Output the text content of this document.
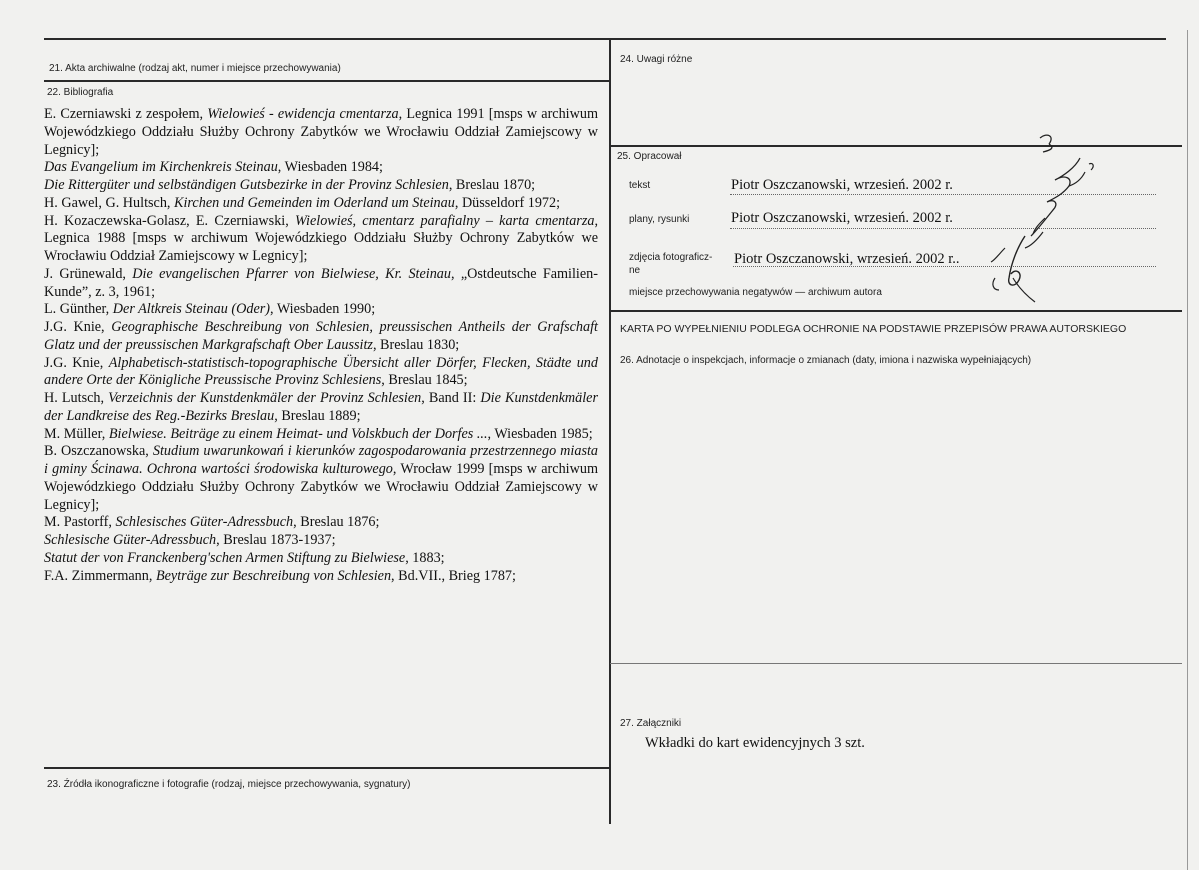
21. Akta archiwalne (rodzaj akt, numer i miejsce przechowywania)
22. Bibliografia
23. Źródła ikonograficzne i fotografie (rodzaj, miejsce przechowywania, sygnatury)
E. Czerniawski z zespołem, Wielowieś - ewidencja cmentarza, Legnica 1991 [msps w archiwum Wojewódzkiego Oddziału Służby Ochrony Zabytków we Wrocławiu Oddział Zamiejscowy w Legnicy];
Das Evangelium im Kirchenkreis Steinau, Wiesbaden 1984;
Die Rittergüter und selbständigen Gutsbezirke in der Provinz Schlesien, Breslau 1870;
H. Gawel, G. Hultsch, Kirchen und Gemeinden im Oderland um Steinau, Düsseldorf 1972;
H. Kozaczewska-Golasz, E. Czerniawski, Wielowieś, cmentarz parafialny – karta cmentarza, Legnica 1988 [msps w archiwum Wojewódzkiego Oddziału Służby Ochrony Zabytków we Wrocławiu Oddział Zamiejscowy w Legnicy];
J. Grünewald, Die evangelischen Pfarrer von Bielwiese, Kr. Steinau, „Ostdeutsche Familien-Kunde”, z. 3, 1961;
L. Günther, Der Altkreis Steinau (Oder), Wiesbaden 1990;
J.G. Knie, Geographische Beschreibung von Schlesien, preussischen Antheils der Grafschaft Glatz und der preussischen Markgrafschaft Ober Laussitz, Breslau 1830;
J.G. Knie, Alphabetisch-statistisch-topographische Übersicht aller Dörfer, Flecken, Städte und andere Orte der Königliche Preussische Provinz Schlesiens, Breslau 1845;
H. Lutsch, Verzeichnis der Kunstdenkmäler der Provinz Schlesien, Band II: Die Kunstdenkmäler der Landkreise des Reg.-Bezirks Breslau, Breslau 1889;
M. Müller, Bielwiese. Beiträge zu einem Heimat- und Volskbuch der Dorfes ..., Wiesbaden 1985;
B. Oszczanowska, Studium uwarunkowań i kierunków zagospodarowania przestrzennego miasta i gminy Ścinawa. Ochrona wartości środowiska kulturowego, Wrocław 1999 [msps w archiwum Wojewódzkiego Oddziału Służby Ochrony Zabytków we Wrocławiu Oddział Zamiejscowy w Legnicy];
M. Pastorff, Schlesisches Güter-Adressbuch, Breslau 1876;
Schlesische Güter-Adressbuch, Breslau 1873-1937;
Statut der von Franckenberg'schen Armen Stiftung zu Bielwiese, 1883;
F.A. Zimmermann, Beyträge zur Beschreibung von Schlesien, Bd.VII., Brieg 1787;
24. Uwagi różne
25. Opracował
tekst	Piotr Oszczanowski, wrzesień. 2002 r.
plany, rysunki	Piotr Oszczanowski, wrzesień. 2002 r.
zdjęcia fotograficz-
ne
Piotr Oszczanowski, wrzesień. 2002 r..
miejsce przechowywania negatywów — archiwum autora
KARTA PO WYPEŁNIENIU PODLEGA OCHRONIE NA PODSTAWIE PRZEPISÓW PRAWA AUTORSKIEGO
26. Adnotacje o inspekcjach, informacje o zmianach (daty, imiona i nazwiska wypełniających)
27. Załączniki
Wkładki do kart ewidencyjnych 3 szt.
